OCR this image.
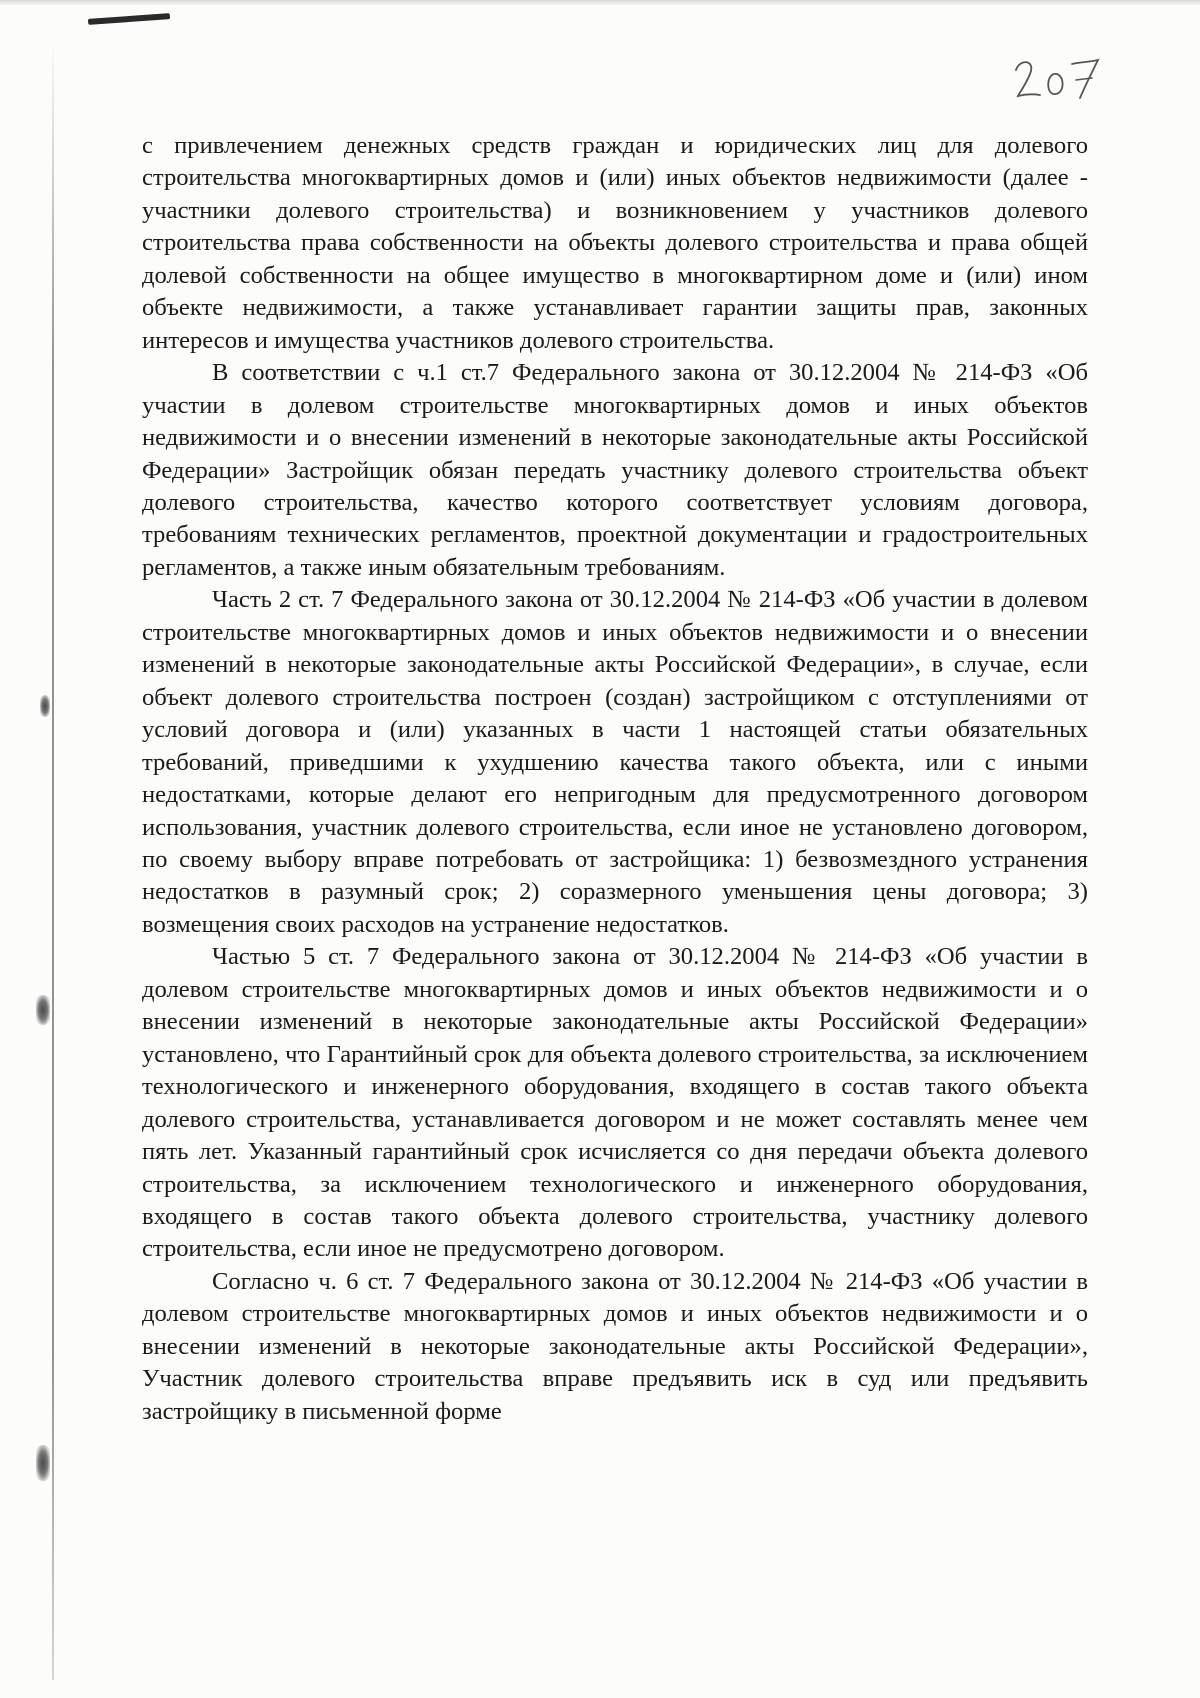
с привлечением денежных средств граждан и юридических лиц для долевого строительства многоквартирных домов и (или) иных объектов недвижимости (далее - участники долевого строительства) и возникновением у участников долевого строительства права собственности на объекты долевого строительства и права общей долевой собственности на общее имущество в многоквартирном доме и (или) ином объекте недвижимости, а также устанавливает гарантии защиты прав, законных интересов и имущества участников долевого строительства.

В соответствии с ч.1 ст.7 Федерального закона от 30.12.2004 № 214-ФЗ «Об участии в долевом строительстве многоквартирных домов и иных объектов недвижимости и о внесении изменений в некоторые законодательные акты Российской Федерации» Застройщик обязан передать участнику долевого строительства объект долевого строительства, качество которого соответствует условиям договора, требованиям технических регламентов, проектной документации и градостроительных регламентов, а также иным обязательным требованиям.

Часть 2 ст. 7 Федерального закона от 30.12.2004 № 214-ФЗ «Об участии в долевом строительстве многоквартирных домов и иных объектов недвижимости и о внесении изменений в некоторые законодательные акты Российской Федерации», в случае, если объект долевого строительства построен (создан) застройщиком с отступлениями от условий договора и (или) указанных в части 1 настоящей статьи обязательных требований, приведшими к ухудшению качества такого объекта, или с иными недостатками, которые делают его непригодным для предусмотренного договором использования, участник долевого строительства, если иное не установлено договором, по своему выбору вправе потребовать от застройщика: 1) безвозмездного устранения недостатков в разумный срок; 2) соразмерного уменьшения цены договора; 3) возмещения своих расходов на устранение недостатков.

Частью 5 ст. 7 Федерального закона от 30.12.2004 № 214-ФЗ «Об участии в долевом строительстве многоквартирных домов и иных объектов недвижимости и о внесении изменений в некоторые законодательные акты Российской Федерации» установлено, что Гарантийный срок для объекта долевого строительства, за исключением технологического и инженерного оборудования, входящего в состав такого объекта долевого строительства, устанавливается договором и не может составлять менее чем пять лет. Указанный гарантийный срок исчисляется со дня передачи объекта долевого строительства, за исключением технологического и инженерного оборудования, входящего в состав такого объекта долевого строительства, участнику долевого строительства, если иное не предусмотрено договором.

Согласно ч. 6 ст. 7 Федерального закона от 30.12.2004 № 214-ФЗ «Об участии в долевом строительстве многоквартирных домов и иных объектов недвижимости и о внесении изменений в некоторые законодательные акты Российской Федерации», Участник долевого строительства вправе предъявить иск в суд или предъявить застройщику в письменной форме
